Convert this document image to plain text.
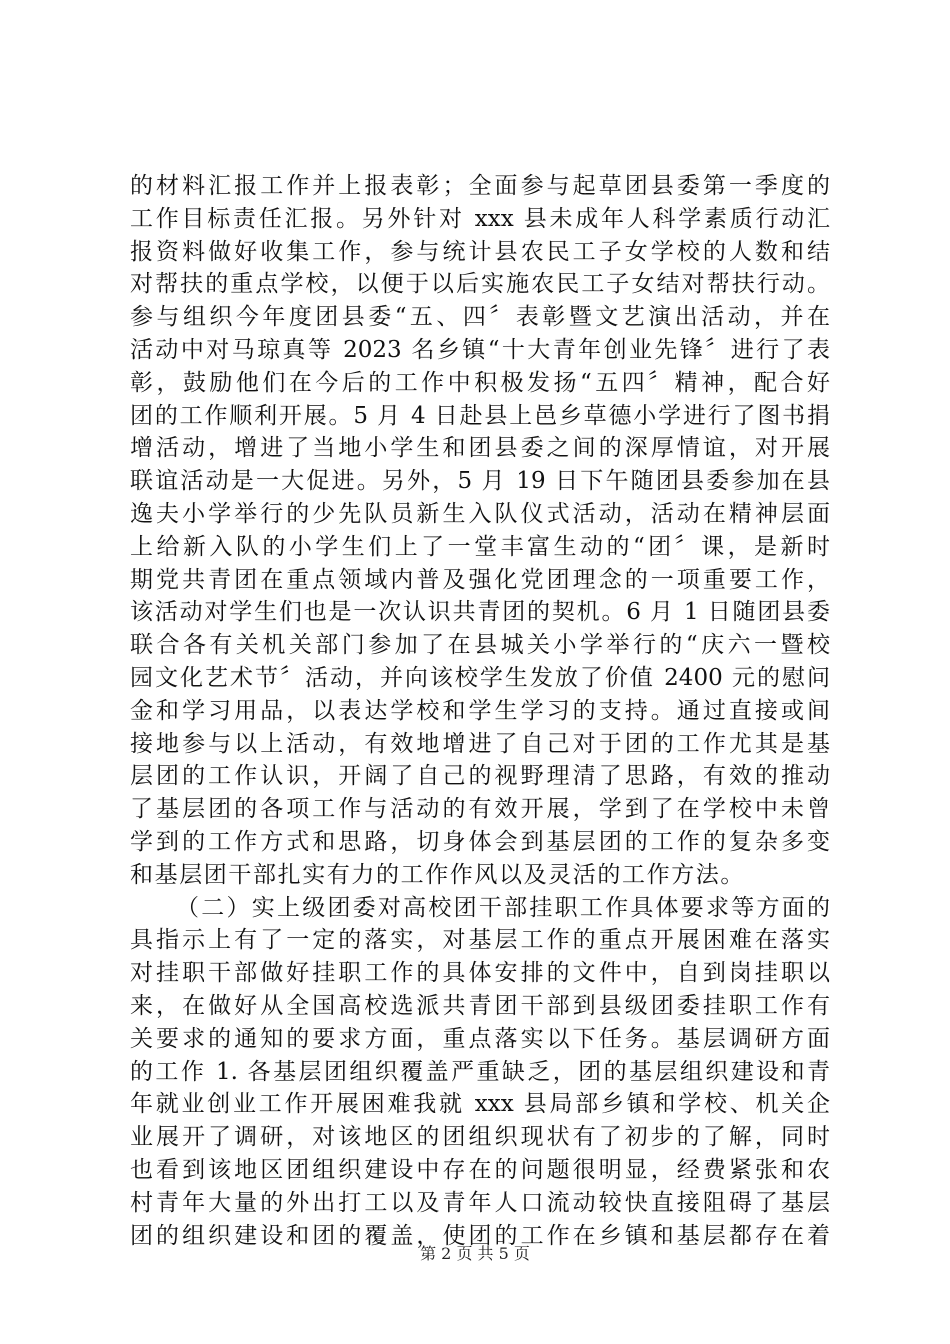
的材料汇报工作并上报表彰；全面参与起草团县委第一季度的
工作目标责任汇报。另外针对 xxx 县未成年人科学素质行动汇
报资料做好收集工作，参与统计县农民工子女学校的人数和结
对帮扶的重点学校，以便于以后实施农民工子女结对帮扶行动。
参与组织今年度团县委“五、四〞表彰暨文艺演出活动，并在
活动中对马琼真等 2023 名乡镇“十大青年创业先锋〞进行了表
彰，鼓励他们在今后的工作中积极发扬“五四〞精神，配合好
团的工作顺利开展。5 月 4 日赴县上邑乡草德小学进行了图书捐
增活动，增进了当地小学生和团县委之间的深厚情谊，对开展
联谊活动是一大促进。另外，5 月 19 日下午随团县委参加在县
逸夫小学举行的少先队员新生入队仪式活动，活动在精神层面
上给新入队的小学生们上了一堂丰富生动的“团〞课，是新时
期党共青团在重点领域内普及强化党团理念的一项重要工作，
该活动对学生们也是一次认识共青团的契机。6 月 1 日随团县委
联合各有关机关部门参加了在县城关小学举行的“庆六一暨校
园文化艺术节〞活动，并向该校学生发放了价值 2400 元的慰问
金和学习用品，以表达学校和学生学习的支持。通过直接或间
接地参与以上活动，有效地增进了自己对于团的工作尤其是基
层团的工作认识，开阔了自己的视野理清了思路，有效的推动
了基层团的各项工作与活动的有效开展，学到了在学校中未曾
学到的工作方式和思路，切身体会到基层团的工作的复杂多变
和基层团干部扎实有力的工作作风以及灵活的工作方法。
（二）实上级团委对高校团干部挂职工作具体要求等方面的
具指示上有了一定的落实，对基层工作的重点开展困难在落实
对挂职干部做好挂职工作的具体安排的文件中，自到岗挂职以
来，在做好从全国高校选派共青团干部到县级团委挂职工作有
关要求的通知的要求方面，重点落实以下任务。基层调研方面
的工作 1. 各基层团组织覆盖严重缺乏，团的基层组织建设和青
年就业创业工作开展困难我就 xxx 县局部乡镇和学校、机关企
业展开了调研，对该地区的团组织现状有了初步的了解，同时
也看到该地区团组织建设中存在的问题很明显，经费紧张和农
村青年大量的外出打工以及青年人口流动较快直接阻碍了基层
团的组织建设和团的覆盖，使团的工作在乡镇和基层都存在着
第 2 页 共 5 页
